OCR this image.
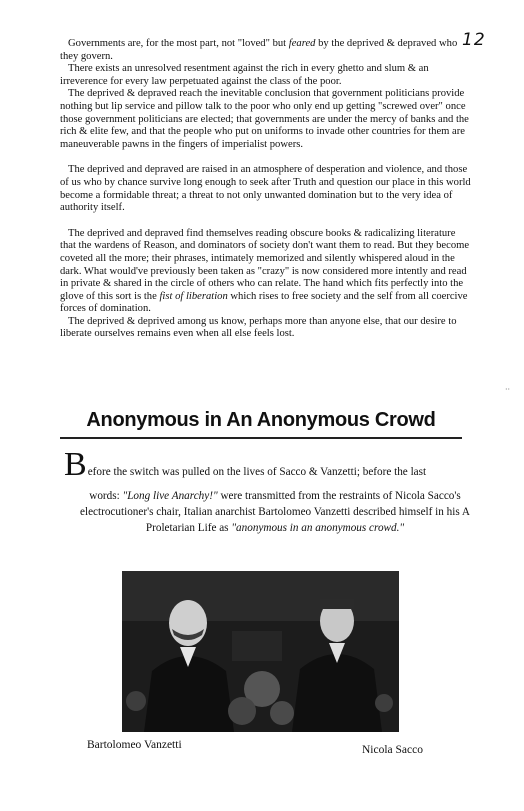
12

Governments are, for the most part, not "loved" but feared by the deprived & depraved who they govern.

There exists an unresolved resentment against the rich in every ghetto and slum & an irreverence for every law perpetuated against the class of the poor.

The deprived & depraved reach the inevitable conclusion that government politicians provide nothing but lip service and pillow talk to the poor who only end up getting "screwed over" once those government politicians are elected; that governments are under the mercy of banks and the rich & elite few, and that the people who put on uniforms to invade other countries for them are maneuverable pawns in the fingers of imperialist powers.

The deprived and depraved are raised in an atmosphere of desperation and violence, and those of us who by chance survive long enough to seek after Truth and question our place in this world become a formidable threat; a threat to not only unwanted domination but to the very idea of authority itself.

The deprived and depraved find themselves reading obscure books & radicalizing literature that the wardens of Reason, and dominators of society don't want them to read. But they become coveted all the more; their phrases, intimately memorized and silently whispered aloud in the dark. What would've previously been taken as "crazy" is now considered more intently and read in private & shared in the circle of others who can relate. The hand which fits perfectly into the glove of this sort is the fist of liberation which rises to free society and the self from all coercive forces of domination.

The deprived & deprived among us know, perhaps more than anyone else, that our desire to liberate ourselves remains even when all else feels lost.

··
Anonymous in An Anonymous Crowd
B efore the switch was pulled on the lives of Sacco & Vanzetti; before the last
words: "Long live Anarchy!" were transmitted from the restraints of Nicola Sacco's electrocutioner's chair, Italian anarchist Bartolomeo Vanzetti described himself in his A Proletarian Life as "anonymous in an anonymous crowd."
Bartolomeo Vanzetti	Nicola Sacco
